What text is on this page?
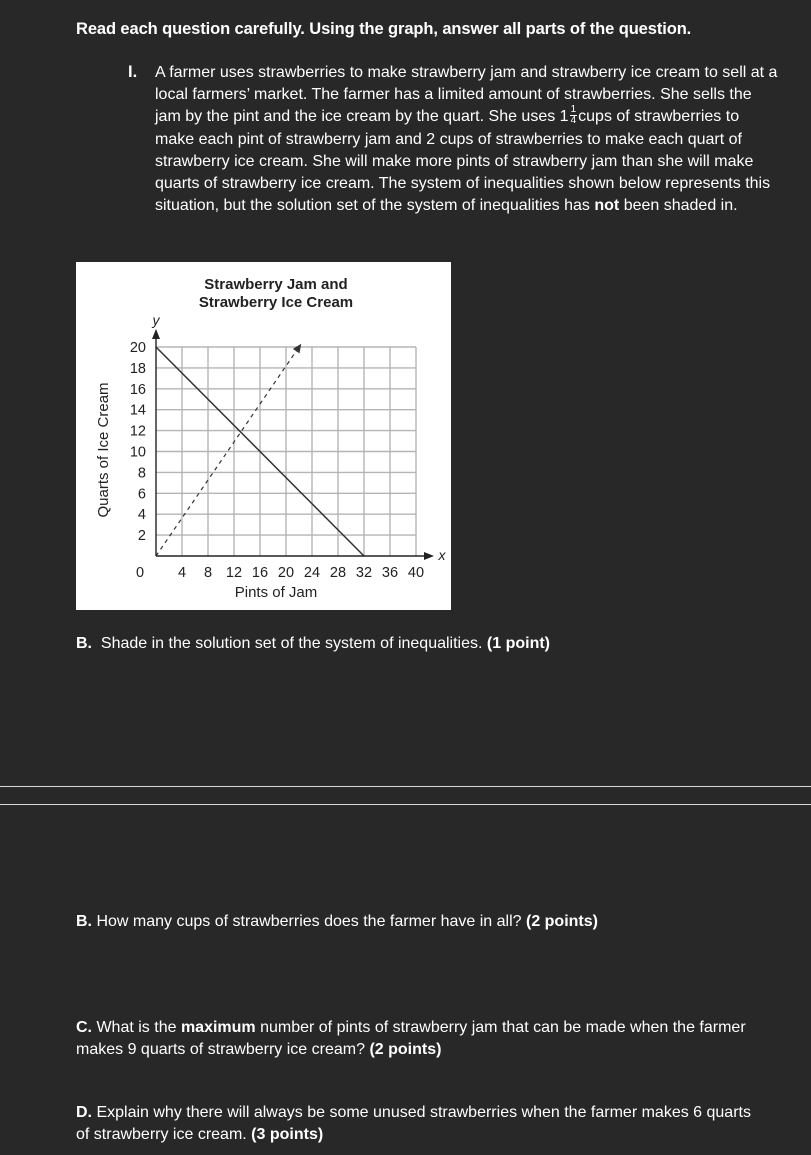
Read each question carefully. Using the graph, answer all parts of the question.
I. A farmer uses strawberries to make strawberry jam and strawberry ice cream to sell at a local farmers’ market. The farmer has a limited amount of strawberries. She sells the jam by the pint and the ice cream by the quart. She uses $1 \frac{1}{4}$ cups of strawberries to make each pint of strawberry jam and 2 cups of strawberries to make each quart of strawberry ice cream. She will make more pints of strawberry jam than she will make quarts of strawberry ice cream. The system of inequalities shown below represents this situation, but the solution set of the system of inequalities has not been shaded in.
Strawberry Jam and
Strawberry Ice Cream
4 8 12 16 20 24 28 32 36 40
2
4
6
8
10
12
14
16
18
20
0
x
y
Pints of Jam
Quarts of Ice Cream
B. Shade in the solution set of the system of inequalities. (1 point)
B. How many cups of strawberries does the farmer have in all? (2 points)
C. What is the maximum number of pints of strawberry jam that can be made when the farmer makes 9 quarts of strawberry ice cream? (2 points)
D. Explain why there will always be some unused strawberries when the farmer makes 6 quarts of strawberry ice cream. (3 points)
